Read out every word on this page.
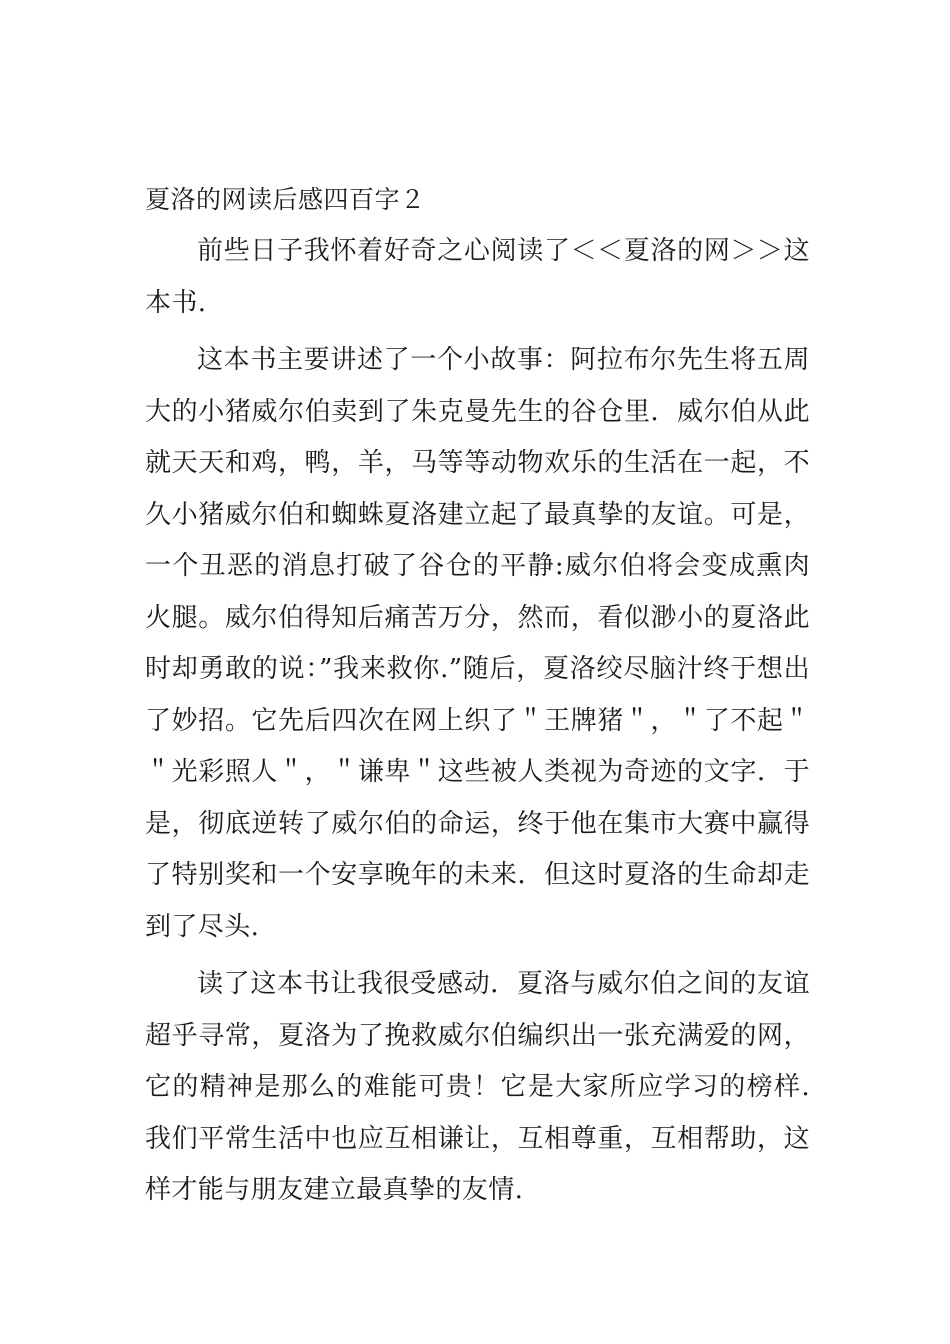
夏洛的网读后感四百字２

前些日子我怀着好奇之心阅读了＜＜夏洛的网＞＞这本书.

这本书主要讲述了一个小故事：阿拉布尔先生将五周大的小猪威尔伯卖到了朱克曼先生的谷仓里．威尔伯从此就天天和鸡，鸭，羊，马等等动物欢乐的生活在一起，不久小猪威尔伯和蜘蛛夏洛建立起了最真挚的友谊。可是，一个丑恶的消息打破了谷仓的平静:威尔伯将会变成熏肉火腿。威尔伯得知后痛苦万分，然而，看似渺小的夏洛此时却勇敢的说：”我来救你.”随后，夏洛绞尽脑汁终于想出了妙招。它先后四次在网上织了＂王牌猪＂，＂了不起＂＂光彩照人＂，＂谦卑＂这些被人类视为奇迹的文字．于是，彻底逆转了威尔伯的命运，终于他在集市大赛中赢得了特别奖和一个安享晚年的未来．但这时夏洛的生命却走到了尽头.

读了这本书让我很受感动．夏洛与威尔伯之间的友谊超乎寻常，夏洛为了挽救威尔伯编织出一张充满爱的网，它的精神是那么的难能可贵！它是大家所应学习的榜样.我们平常生活中也应互相谦让，互相尊重，互相帮助，这样才能与朋友建立最真挚的友情.
